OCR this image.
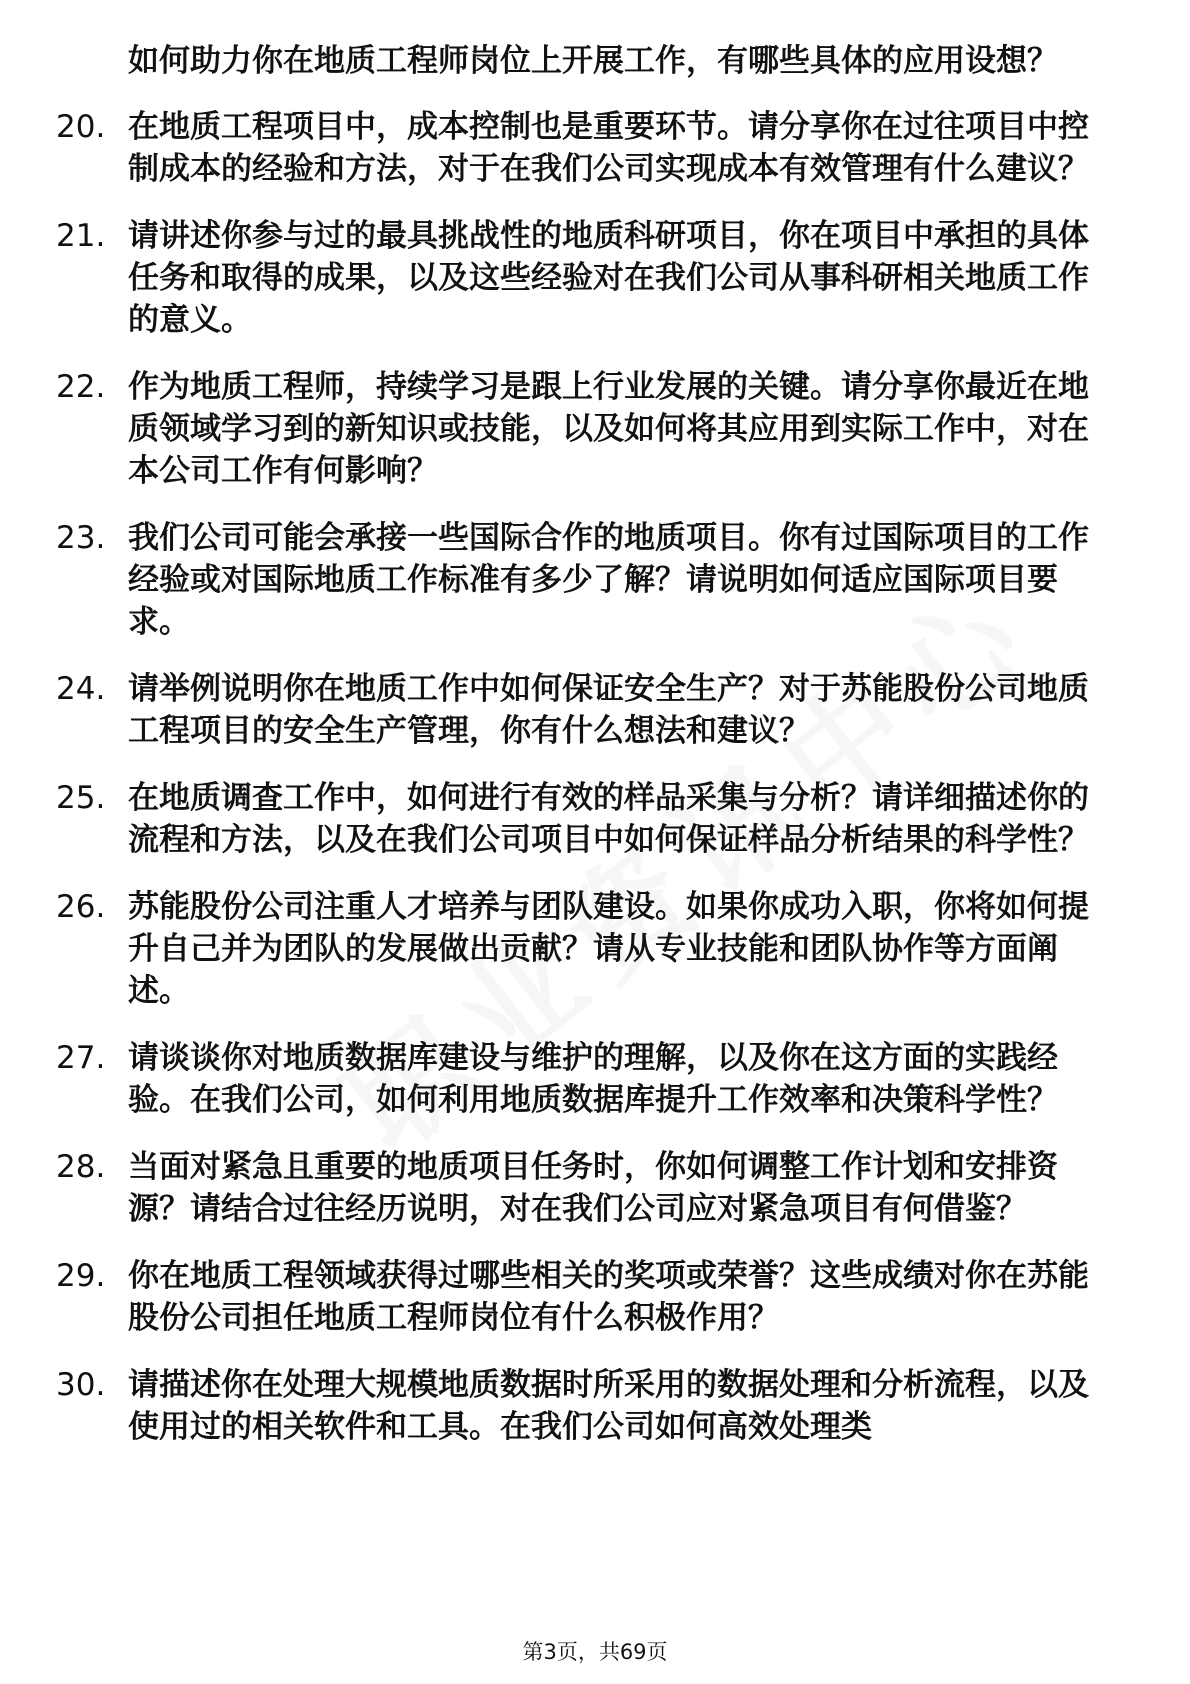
如何助力你在地质工程师岗位上开展工作，有哪些具体的应用设想？
20. 在地质工程项目中，成本控制也是重要环节。请分享你在过往项目中控制成本的经验和方法，对于在我们公司实现成本有效管理有什么建议？
21. 请讲述你参与过的最具挑战性的地质科研项目，你在项目中承担的具体任务和取得的成果，以及这些经验对在我们公司从事科研相关地质工作的意义。
22. 作为地质工程师，持续学习是跟上行业发展的关键。请分享你最近在地质领域学习到的新知识或技能，以及如何将其应用到实际工作中，对在本公司工作有何影响？
23. 我们公司可能会承接一些国际合作的地质项目。你有过国际项目的工作经验或对国际地质工作标准有多少了解？请说明如何适应国际项目要求。
24. 请举例说明你在地质工作中如何保证安全生产？对于苏能股份公司地质工程项目的安全生产管理，你有什么想法和建议？
25. 在地质调查工作中，如何进行有效的样品采集与分析？请详细描述你的流程和方法，以及在我们公司项目中如何保证样品分析结果的科学性？
26. 苏能股份公司注重人才培养与团队建设。如果你成功入职，你将如何提升自己并为团队的发展做出贡献？请从专业技能和团队协作等方面阐述。
27. 请谈谈你对地质数据库建设与维护的理解，以及你在这方面的实践经验。在我们公司，如何利用地质数据库提升工作效率和决策科学性？
28. 当面对紧急且重要的地质项目任务时，你如何调整工作计划和安排资源？请结合过往经历说明，对在我们公司应对紧急项目有何借鉴？
29. 你在地质工程领域获得过哪些相关的奖项或荣誉？这些成绩对你在苏能股份公司担任地质工程师岗位有什么积极作用？
30. 请描述你在处理大规模地质数据时所采用的数据处理和分析流程，以及使用过的相关软件和工具。在我们公司如何高效处理类
第3页，共69页
